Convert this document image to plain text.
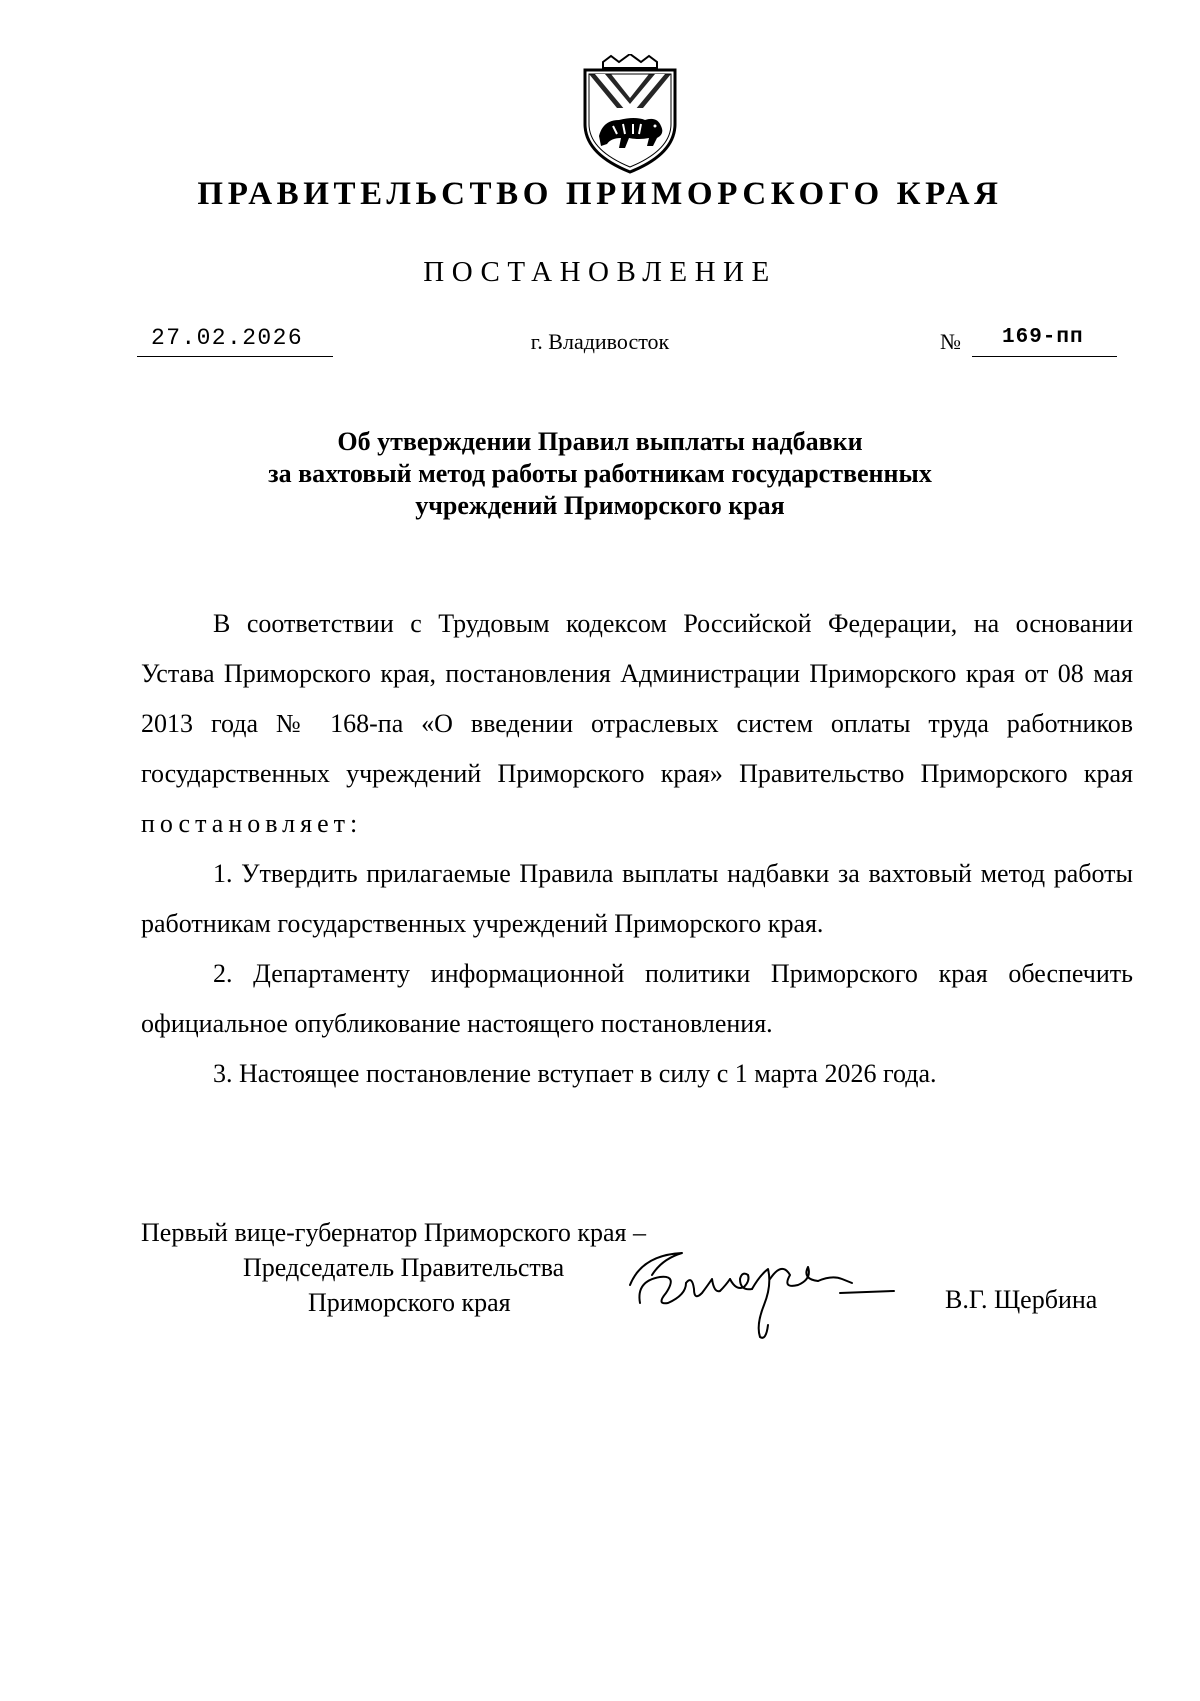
ПРАВИТЕЛЬСТВО ПРИМОРСКОГО КРАЯ
ПОСТАНОВЛЕНИЕ
27.02.2026	г. Владивосток	№ 169-пп
Об утверждении Правил выплаты надбавки
за вахтовый метод работы работникам государственных
учреждений Приморского края

В соответствии с Трудовым кодексом Российской Федерации, на основании Устава Приморского края, постановления Администрации Приморского края от 08 мая 2013 года № 168-па «О введении отраслевых систем оплаты труда работников государственных учреждений Приморского края» Правительство Приморского края постановляет:

1. Утвердить прилагаемые Правила выплаты надбавки за вахтовый метод работы работникам государственных учреждений Приморского края.

2. Департаменту информационной политики Приморского края обеспечить официальное опубликование настоящего постановления.

3. Настоящее постановление вступает в силу с 1 марта 2026 года.

Первый вице-губернатор Приморского края –
Председатель Правительства
Приморского края	В.Г. Щербина
